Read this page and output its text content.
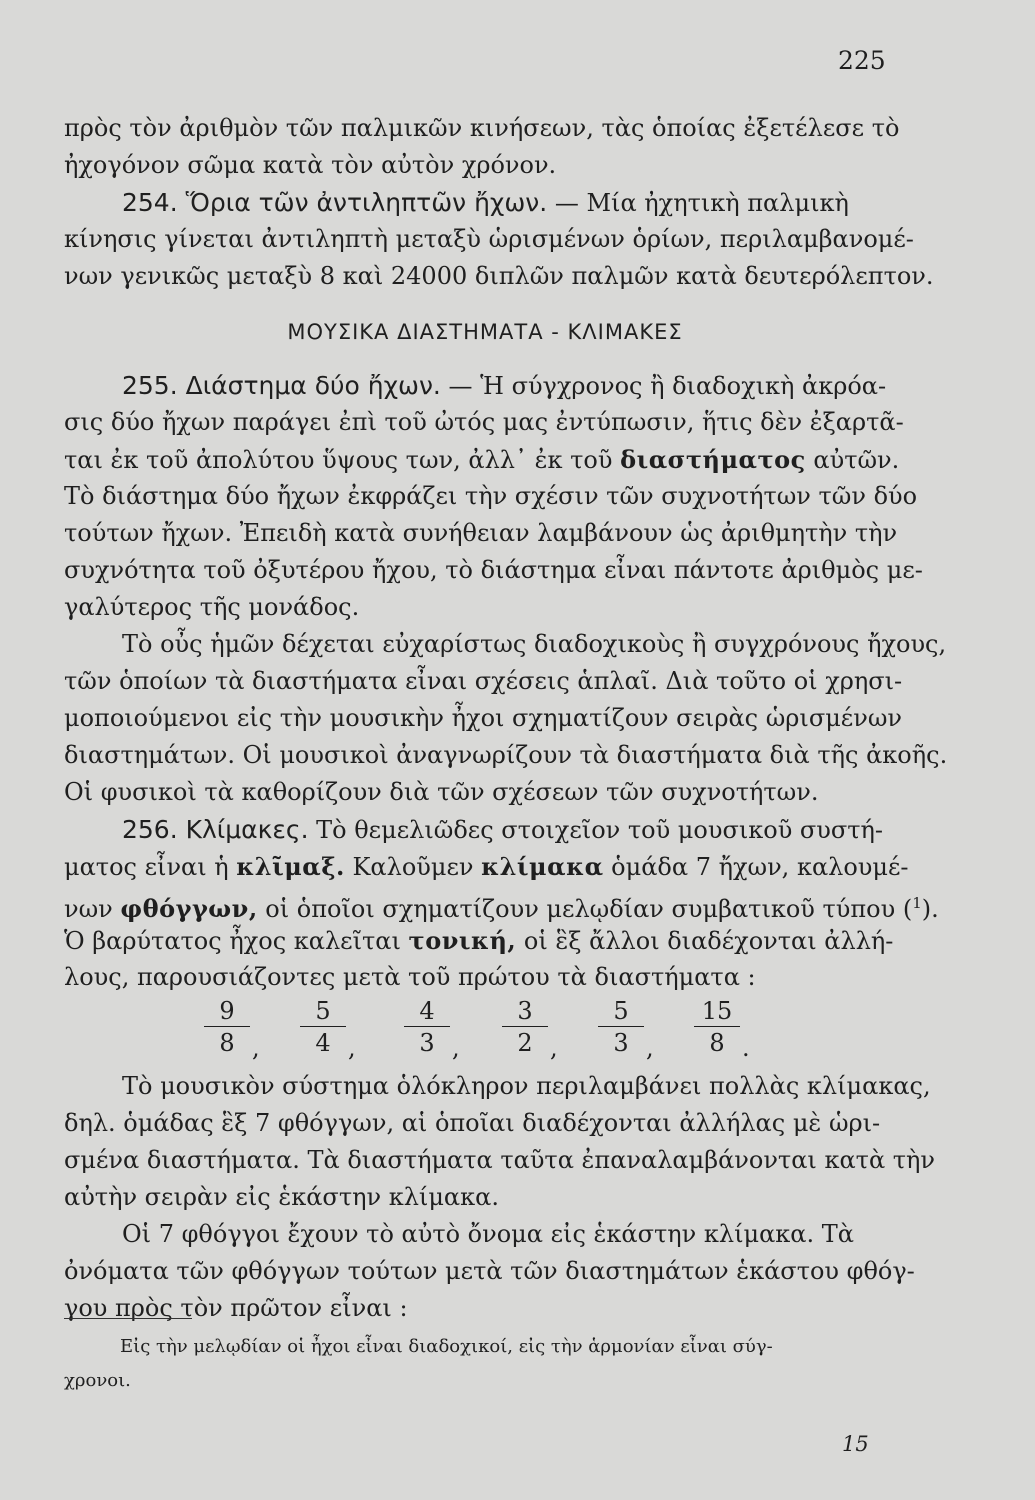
225
πρὸς τὸν ἀριθμὸν τῶν παλμικῶν κινήσεων, τὰς ὁποίας ἐξετέλεσε τὸ
ἠχογόνον σῶμα κατὰ τὸν αὐτὸν χρόνον.
254. Ὅρια τῶν ἀντιληπτῶν ἤχων. — Μία ἠχητικὴ παλμικὴ
κίνησις γίνεται ἀντιληπτὴ μεταξὺ ὡρισμένων ὁρίων, περιλαμβανομέ-
νων γενικῶς μεταξὺ 8 καὶ 24000 διπλῶν παλμῶν κατὰ δευτερόλεπτον.
ΜΟΥΣΙΚΑ ΔΙΑΣΤΗΜΑΤΑ - ΚΛΙΜΑΚΕΣ
255. Διάστημα δύο ἤχων. — Ἡ σύγχρονος ἢ διαδοχικὴ ἀκρόα-
σις δύο ἤχων παράγει ἐπὶ τοῦ ὠτός μας ἐντύπωσιν, ἥτις δὲν ἐξαρτᾶ-
ται ἐκ τοῦ ἀπολύτου ὕψους των, ἀλλ᾽ ἐκ τοῦ διαστήματος αὐτῶν.
Τὸ διάστημα δύο ἤχων ἐκφράζει τὴν σχέσιν τῶν συχνοτήτων τῶν δύο
τούτων ἤχων. Ἐπειδὴ κατὰ συνήθειαν λαμβάνουν ὡς ἀριθμητὴν τὴν
συχνότητα τοῦ ὀξυτέρου ἤχου, τὸ διάστημα εἶναι πάντοτε ἀριθμὸς με-
γαλύτερος τῆς μονάδος.
Τὸ οὖς ἡμῶν δέχεται εὐχαρίστως διαδοχικοὺς ἢ συγχρόνους ἤχους,
τῶν ὁποίων τὰ διαστήματα εἶναι σχέσεις ἁπλαῖ. Διὰ τοῦτο οἱ χρησι-
μοποιούμενοι εἰς τὴν μουσικὴν ἦχοι σχηματίζουν σειρὰς ὡρισμένων
διαστημάτων. Οἱ μουσικοὶ ἀναγνωρίζουν τὰ διαστήματα διὰ τῆς ἀκοῆς.
Οἱ φυσικοὶ τὰ καθορίζουν διὰ τῶν σχέσεων τῶν συχνοτήτων.
256. Κλίμακες. Τὸ θεμελιῶδες στοιχεῖον τοῦ μουσικοῦ συστή-
ματος εἶναι ἡ κλῖμαξ. Καλοῦμεν κλίμακα ὁμάδα 7 ἤχων, καλουμέ-
νων φθόγγων, οἱ ὁποῖοι σχηματίζουν μελῳδίαν συμβατικοῦ τύπου ($^1$).
Ὁ βαρύτατος ἦχος καλεῖται τονική, οἱ ἓξ ἄλλοι διαδέχονται ἀλλή-
λους, παρουσιάζοντες μετὰ τοῦ πρώτου τὰ διαστήματα :
$\frac{9}{8}$ , $\frac{5}{4}$ , $\frac{4}{3}$ , $\frac{3}{2}$ , $\frac{5}{3}$ , $\frac{15}{8}$ .
Τὸ μουσικὸν σύστημα ὁλόκληρον περιλαμβάνει πολλὰς κλίμακας,
δηλ. ὁμάδας ἓξ 7 φθόγγων, αἱ ὁποῖαι διαδέχονται ἀλλήλας μὲ ὡρι-
σμένα διαστήματα. Τὰ διαστήματα ταῦτα ἐπαναλαμβάνονται κατὰ τὴν
αὐτὴν σειρὰν εἰς ἑκάστην κλίμακα.
Οἱ 7 φθόγγοι ἔχουν τὸ αὐτὸ ὄνομα εἰς ἑκάστην κλίμακα. Τὰ
ὀνόματα τῶν φθόγγων τούτων μετὰ τῶν διαστημάτων ἑκάστου φθόγ-
γου πρὸς τὸν πρῶτον εἶναι :
Εἰς τὴν μελῳδίαν οἱ ἦχοι εἶναι διαδοχικοί, εἰς τὴν ἁρμονίαν εἶναι σύγ-
χρονοι.
15
